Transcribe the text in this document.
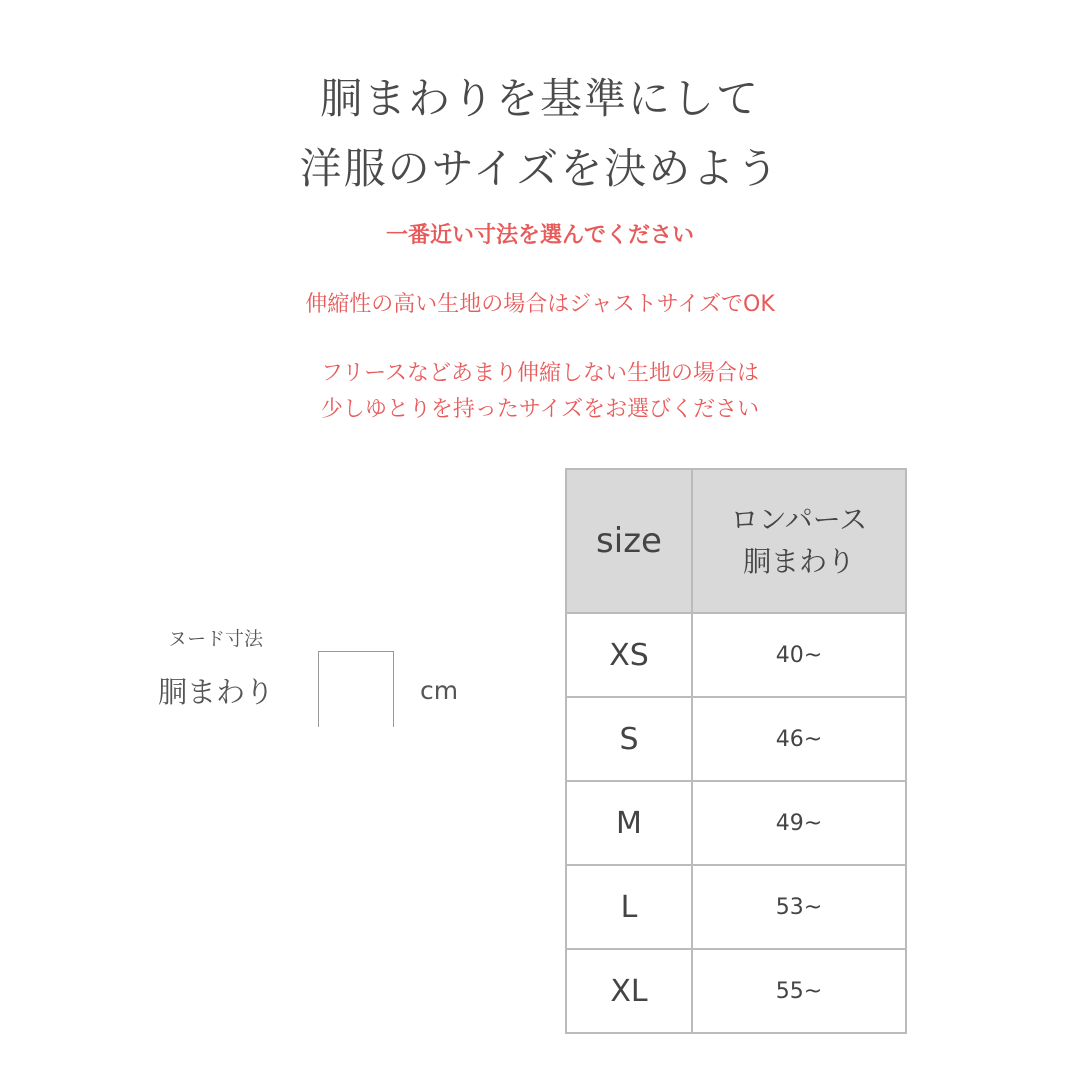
胴まわりを基準にして
洋服のサイズを決めよう
一番近い寸法を選んでください
伸縮性の高い生地の場合はジャストサイズでOK
フリースなどあまり伸縮しない生地の場合は
少しゆとりを持ったサイズをお選びください
ヌード寸法
胴まわり	cm
size	ロンパース
胴まわり

XS	40~
S	46~
M	49~
L	53~
XL	55~
